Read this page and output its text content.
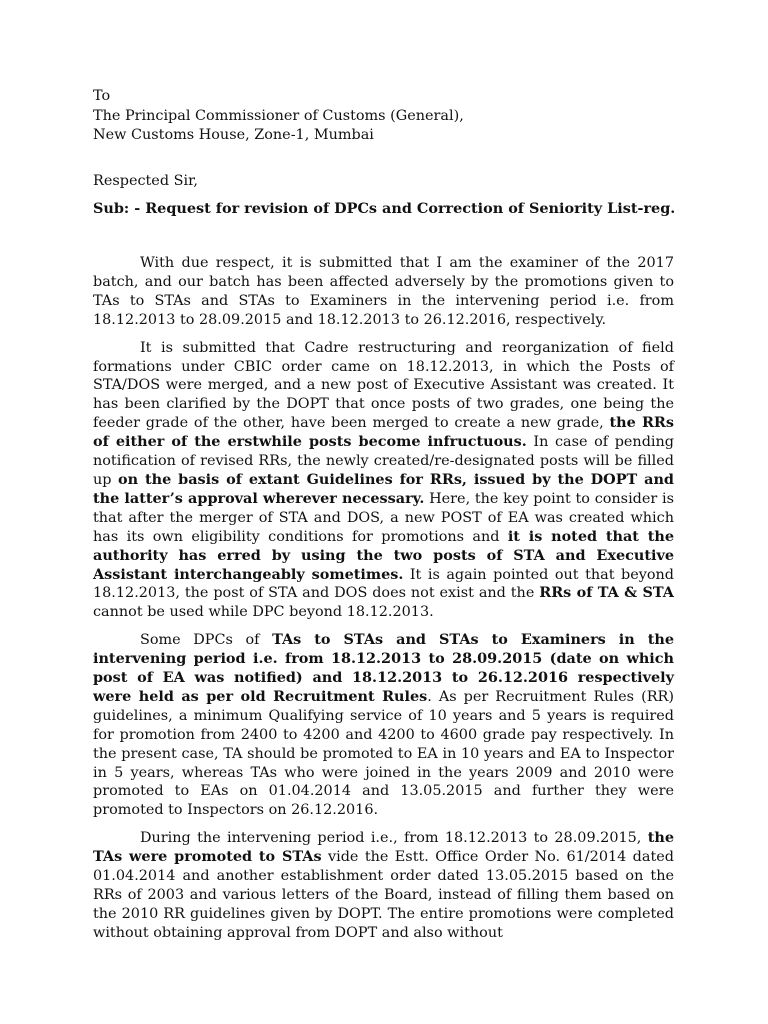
To
The Principal Commissioner of Customs (General),
New Customs House, Zone-1, Mumbai
Respected Sir,
Sub: - Request for revision of DPCs and Correction of Seniority List-reg.

With due respect, it is submitted that I am the examiner of the 2017 batch, and our batch has been affected adversely by the promotions given to TAs to STAs and STAs to Examiners in the intervening period i.e. from 18.12.2013 to 28.09.2015 and 18.12.2013 to 26.12.2016, respectively.

It is submitted that Cadre restructuring and reorganization of field formations under CBIC order came on 18.12.2013, in which the Posts of STA/DOS were merged, and a new post of Executive Assistant was created. It has been clarified by the DOPT that once posts of two grades, one being the feeder grade of the other, have been merged to create a new grade, the RRs of either of the erstwhile posts become infructuous. In case of pending notification of revised RRs, the newly created/re-designated posts will be filled up on the basis of extant Guidelines for RRs, issued by the DOPT and the latter’s approval wherever necessary. Here, the key point to consider is that after the merger of STA and DOS, a new POST of EA was created which has its own eligibility conditions for promotions and it is noted that the authority has erred by using the two posts of STA and Executive Assistant interchangeably sometimes. It is again pointed out that beyond 18.12.2013, the post of STA and DOS does not exist and the RRs of TA & STA cannot be used while DPC beyond 18.12.2013.

Some DPCs of TAs to STAs and STAs to Examiners in the intervening period i.e. from 18.12.2013 to 28.09.2015 (date on which post of EA was notified) and 18.12.2013 to 26.12.2016 respectively were held as per old Recruitment Rules. As per Recruitment Rules (RR) guidelines, a minimum Qualifying service of 10 years and 5 years is required for promotion from 2400 to 4200 and 4200 to 4600 grade pay respectively. In the present case, TA should be promoted to EA in 10 years and EA to Inspector in 5 years, whereas TAs who were joined in the years 2009 and 2010 were promoted to EAs on 01.04.2014 and 13.05.2015 and further they were promoted to Inspectors on 26.12.2016.

During the intervening period i.e., from 18.12.2013 to 28.09.2015, the TAs were promoted to STAs vide the Estt. Office Order No. 61/2014 dated 01.04.2014 and another establishment order dated 13.05.2015 based on the RRs of 2003 and various letters of the Board, instead of filling them based on the 2010 RR guidelines given by DOPT. The entire promotions were completed without obtaining approval from DOPT and also without
